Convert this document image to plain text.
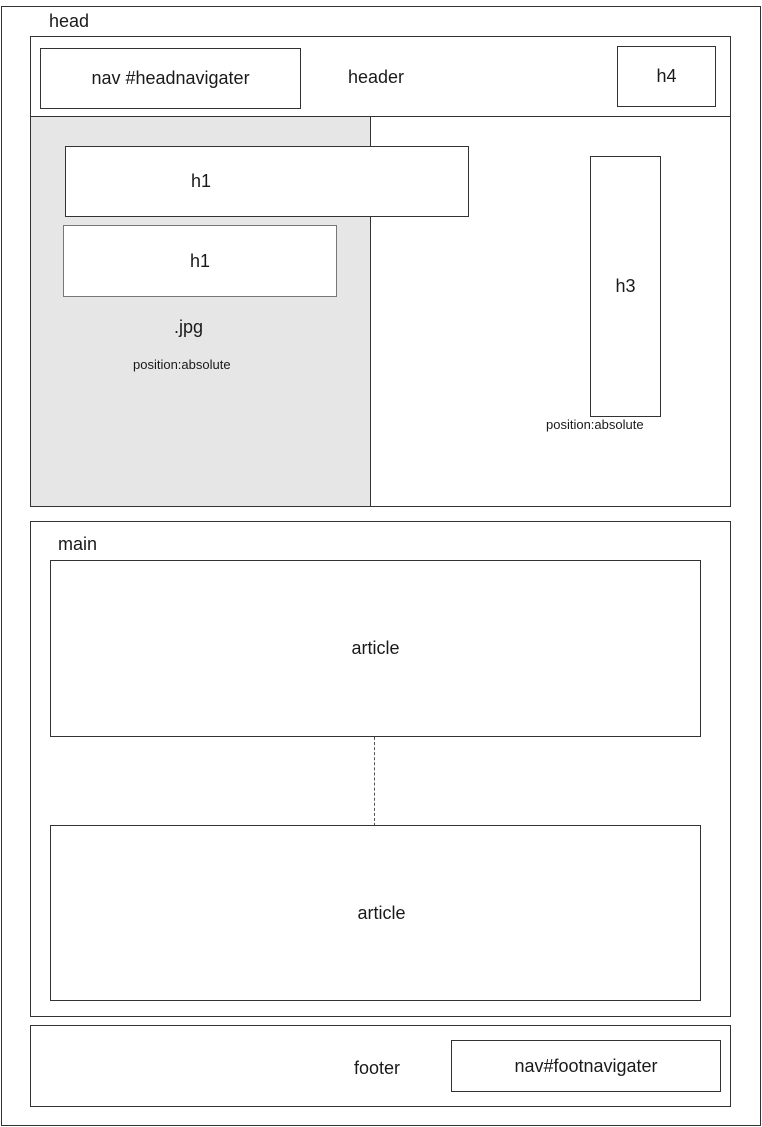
head
nav #headnavigater	header	h4
.jpg
position:absolute
h1
h1
h3
position:absolute
main
article
article
footer	nav#footnavigater
